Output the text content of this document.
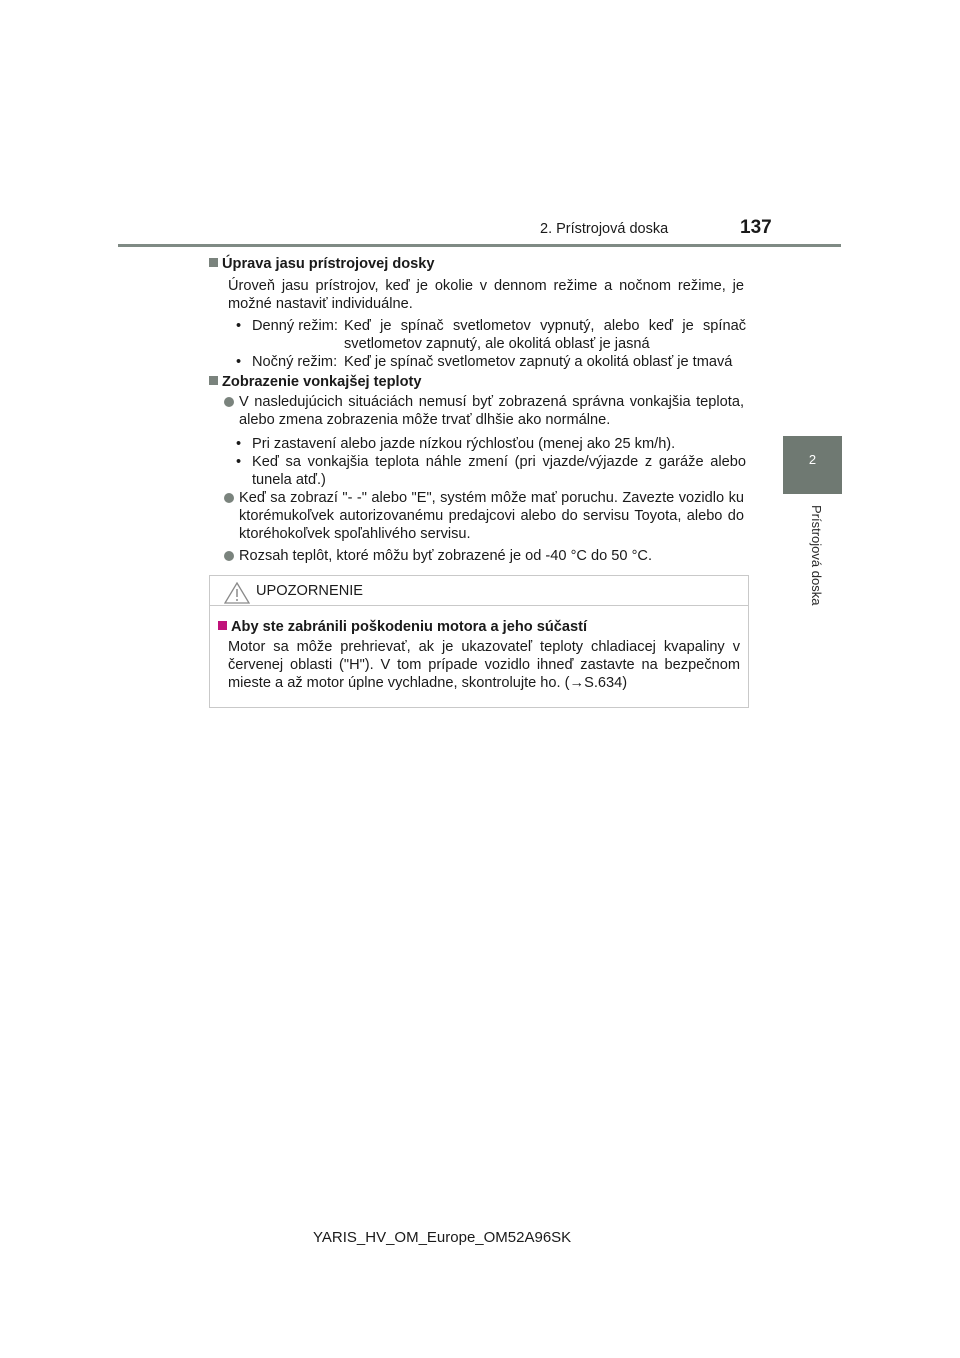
2. Prístrojová doska	137
2
Prístrojová doska
Úprava jasu prístrojovej dosky
Úroveň jasu prístrojov, keď je okolie v dennom režime a nočnom režime, je možné nastaviť individuálne.
• Denný režim: Keď je spínač svetlometov vypnutý, alebo keď je spínač svetlometov zapnutý, ale okolitá oblasť je jasná
• Nočný režim: Keď je spínač svetlometov zapnutý a okolitá oblasť je tmavá
Zobrazenie vonkajšej teploty
V nasledujúcich situáciách nemusí byť zobrazená správna vonkajšia teplota, alebo zmena zobrazenia môže trvať dlhšie ako normálne.
• Pri zastavení alebo jazde nízkou rýchlosťou (menej ako 25 km/h).
• Keď sa vonkajšia teplota náhle zmení (pri vjazde/výjazde z garáže alebo tunela atď.)
Keď sa zobrazí "- -" alebo "E", systém môže mať poruchu. Zavezte vozidlo ku ktorémukoľvek autorizovanému predajcovi alebo do servisu Toyota, alebo do ktoréhokoľvek spoľahlivého servisu.
Rozsah teplôt, ktoré môžu byť zobrazené je od -40 °C do 50 °C.
UPOZORNENIE
Aby ste zabránili poškodeniu motora a jeho súčastí
Motor sa môže prehrievať, ak je ukazovateľ teploty chladiacej kvapaliny v červenej oblasti ("H"). V tom prípade vozidlo ihneď zastavte na bezpečnom mieste a až motor úplne vychladne, skontrolujte ho. (→S.634)
YARIS_HV_OM_Europe_OM52A96SK
